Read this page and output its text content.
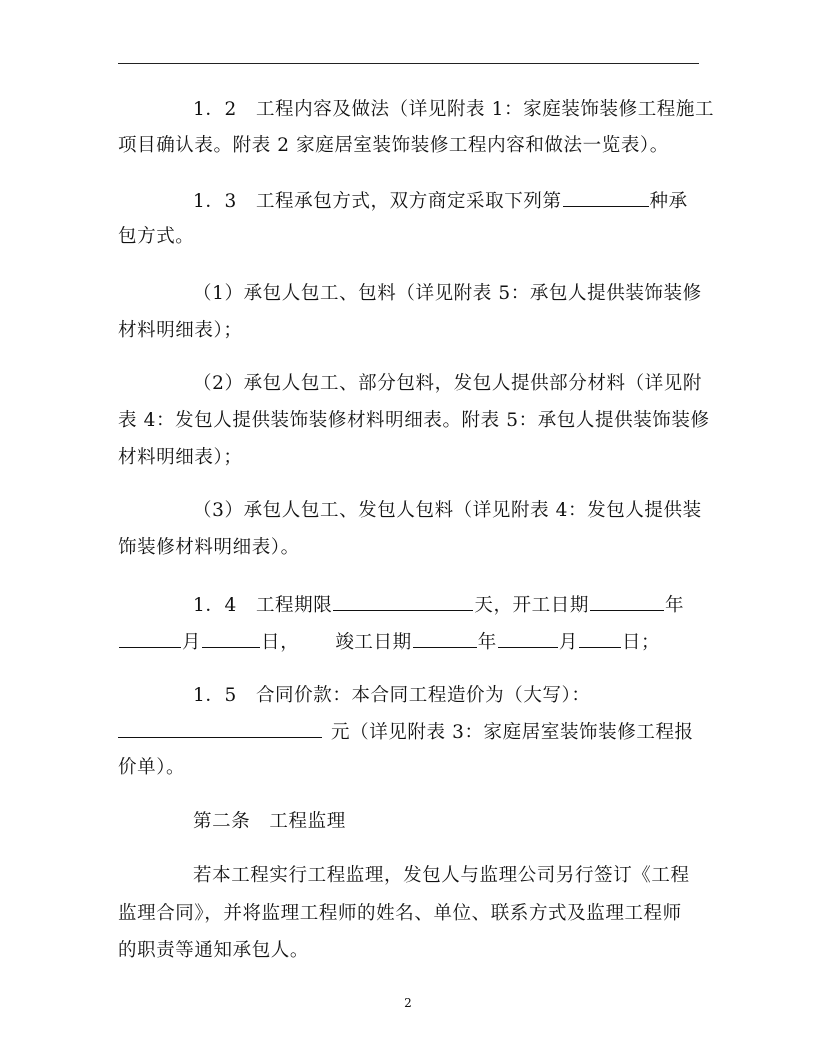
1．2　工程内容及做法（详见附表 1：家庭装饰装修工程施工
项目确认表。附表 2 家庭居室装饰装修工程内容和做法一览表）。
1．3　工程承包方式，双方商定采取下列第	种承
包方式。
（1）承包人包工、包料（详见附表 5：承包人提供装饰装修
材料明细表）；
（2）承包人包工、部分包料，发包人提供部分材料（详见附
表 4：发包人提供装饰装修材料明细表。附表 5：承包人提供装饰装修
材料明细表）；
（3）承包人包工、发包人包料（详见附表 4：发包人提供装
饰装修材料明细表）。
1．4　工程期限	天，开工日期	年
月	日， 竣工日期	年	月 日；
1．5　合同价款：本合同工程造价为（大写）：
元（详见附表 3：家庭居室装饰装修工程报
价单）。
第二条　工程监理
若本工程实行工程监理，发包人与监理公司另行签订《工程
监理合同》，并将监理工程师的姓名、单位、联系方式及监理工程师
的职责等通知承包人。
2
